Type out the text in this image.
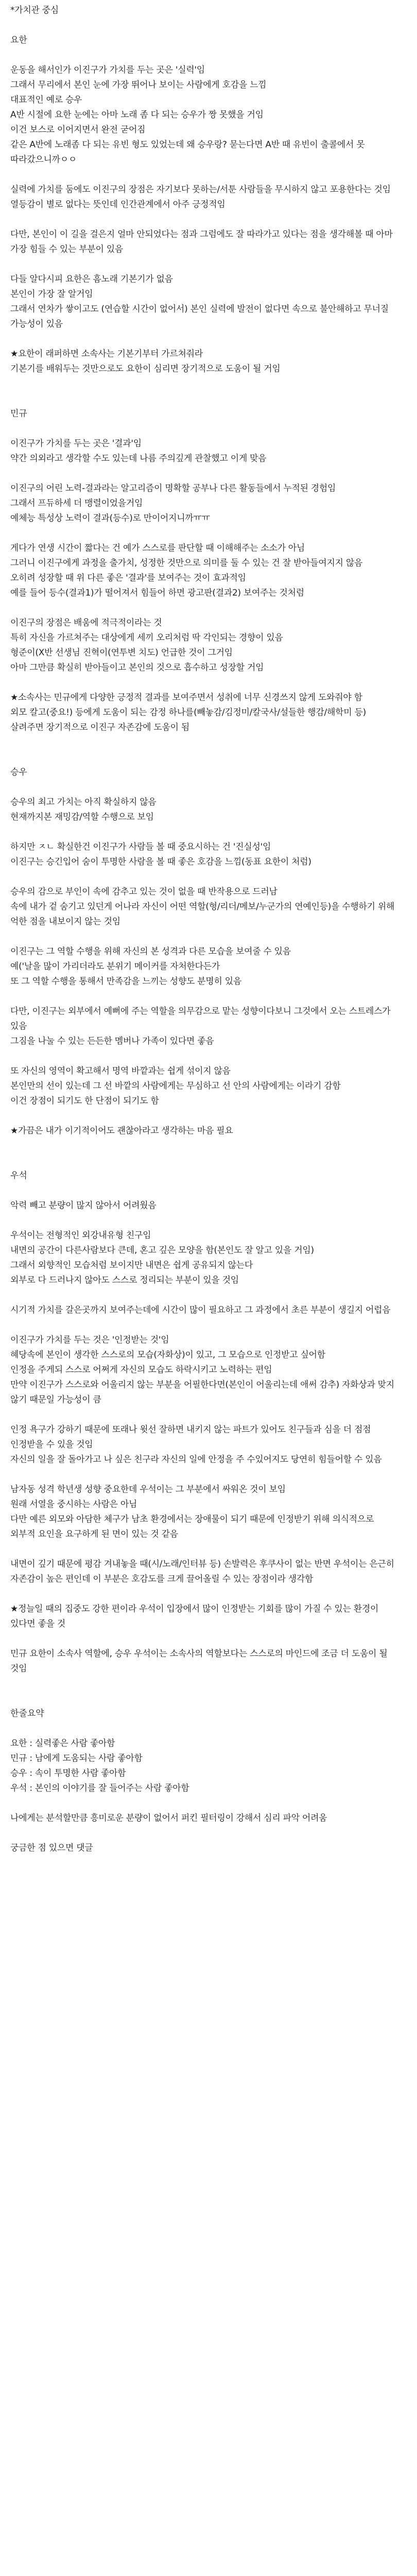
*가치관 중심
요한
운동을 해서인가 이진구가 가치를 두는 곳은 '실력'임
그래서 무리에서 본인 눈에 가장 뛰어나 보이는 사람에게 호감을 느낌
대표적인 예로 승우
A반 시절에 요한 눈에는 아마 노래 좀 다 되는 승우가 짱 못했을 거임
이건 보스로 이어지면서 완전 굳어짐
같은 A반에 노래좀 다 되는 유빈 형도 있었는데 왜 승우랑? 묻는다면 A반 때 유빈이 출콜에서 못 따라갔으니까ㅇㅇ
실력에 가치를 둠에도 이진구의 장점은 자기보다 못하는/서툰 사람들을 무시하지 않고 포용한다는 것임
열등감이 별로 없다는 뜻인데 인간관계에서 아주 긍정적임
다만, 본인이 이 길을 걸은지 얼마 안되었다는 점과 그럼에도 잘 따라가고 있다는 점을 생각해볼 때 아마 가장 힘들 수 있는 부분이 있음
다들 알다시피 요한은 흠노래 기본기가 없음
본인이 가장 잘 알거임
그래서 연차가 쌓이고도 (연습할 시간이 없어서) 본인 실력에 발전이 없다면 속으로 불안해하고 무너질 가능성이 있음
★요한이 래퍼하면 소속사는 기본기부터 가르쳐줘라
기본기를 배워두는 것만으로도 요한이 심리면 장기적으로 도움이 될 거임
민규
이진구가 가치를 두는 곳은 '결과'임
약간 의외라고 생각할 수도 있는데 나름 주의깊게 관찰했고 이게 맞음
이진구의 어린 노력-결과라는 알고리즘이 명확할 공부나 다른 활동들에서 누적된 경험임
그래서 프듀하세 더 맹렬이었을거임
예체능 특성상 노력이 결과(등수)로 만이어지니까ㅠㅠ
게다가 연생 시간이 짧다는 건 예가 스스로를 판단할 때 이해해주는 소소가 아님
그러니 이진구에게 과정을 출가치, 성정한 것만으로 의미를 둘 수 있는 건 잘 받아들여지지 않음
오히려 성장할 때 위 다른 좋은 '결과'를 보여주는 것이 효과적임
예를 들어 등수(결과1)가 떨어져서 힘들어 하면 광고판(결과2) 보여주는 것처럼
이진구의 장점은 배움에 적극적이라는 것
특히 자신을 가르쳐주는 대상에게 세끼 오리처럼 딱 각인되는 경향이 있음
형준이(X반 선생님 진혁이(연투변 치도) 언급한 것이 그거임
아마 그만큼 확실히 받아들이고 본인의 것으로 흡수하고 성장할 거임
★소속사는 민규에게 다양한 긍정적 결과를 보여주면서 성취에 너무 신경쓰지 않게 도와줘야 함
외모 칼고(중요!) 등에게 도움이 되는 감정 하나를(빼놓감/김정미/칼국사/설들한 행감/해학미 등) 살려주면 장기적으로 이진구 자존감에 도움이 됨
승우
승우의 최고 가치는 아직 확실하지 않음
현재까지본 재밍감/역할 수행으로 보임
하지만 ㅈㄴ 확실한건 이진구가 사람들 볼 때 중요시하는 건 '진실성'임
이진구는 승긴입어 숨이 투명한 사람을 볼 때 좋은 호감을 느낌(동표 요한이 처럼)
승우의 감으로 부인이 속에 감추고 있는 것이 없을 때 반작용으로 드러남
속에 내가 겉 숨기고 있던게 어나라 자신이 어떤 역할(형/리더/메보/누군가의 연예인등)을 수행하기 위해 억한 점을 내보이지 않는 것임
이진구는 그 역할 수행을 위해 자신의 본 성격과 다른 모습을 보여줄 수 있음
예('날을 많이 가리더라도 분위기 메이커를 자처한다든가
또 그 역할 수행을 통해서 만족감을 느끼는 성향도 분명히 있음
다만, 이진구는 외부에서 예뻐에 주는 역할을 의무감으로 맡는 성향이다보니 그것에서 오는 스트레스가 있음
그짐을 나눌 수 있는 든든한 멤버나 가족이 있다면 좋음
또 자신의 영역이 확고해서 명역 바깥과는 쉽게 섞이지 않음
본인만의 선이 있는데 그 선 바깥의 사람에게는 무심하고 선 안의 사람에게는 이라기 감함
이건 장점이 되기도 한 단점이 되기도 함
★가끔은 내가 이기적이어도 괜찮아라고 생각하는 마음 필요
우석
악력 빼고 분량이 많지 않아서 어려웠음
우석이는 전형적인 외강내유형 친구임
내면의 공간이 다른사람보다 큰데, 혼고 깊은 모양을 함(본인도 잘 알고 있을 거임)
그래서 외향적인 모습처럼 보이지만 내면은 쉽게 공유되지 않는다
외부로 다 드러나지 않아도 스스로 정리되는 부분이 있을 것임
시기적 가치를 갈은곳까지 보여주는데에 시간이 많이 필요하고 그 과정에서 초른 부분이 생길지 어럽음
이진구가 가치를 두는 것은 '인정받는 것'임
혜당속에 본인이 생각한 스스로의 모습(자화상)이 있고, 그 모습으로 인정받고 싶어함
인정을 주게되 스스로 어쩌게 자신의 모습도 하락시키고 노력하는 편임
만약 이진구가 스스로와 어울리지 않는 부분을 어필한다면(본인이 어울리는데 애써 감추) 자화상과 맞지 않기 때문일 가능성이 큼
인정 욕구가 강하기 때문에 또래나 윗선 잘하면 내키지 않는 파트가 있어도 친구들과 심을 더 점점 인정받을 수 있을 것임
자신의 일을 잘 돌아가고 나 싶은 친구라 자신의 일에 안정을 주 수있어지도 당연히 힘들어할 수 있음
남자동 성격 학년생 성향 중요한데 우석이는 그 부분에서 싸워온 것이 보임
원래 서열을 중시하는 사람은 아님
다만 예른 외모와 아담한 체구가 남초 환경에서는 장애물이 되기 때문에 인정받기 위해 의식적으로 외부적 요인을 요구하게 된 면이 있는 것 같음
내면이 깊기 때문에 평감 겨내놓을 때(시/노래/인터뷰 등) 손발력은 후쿠사이 없는 반면 우석이는 은근히 자존감이 높은 편인데 이 부분은 호감도를 크게 끌어올릴 수 있는 장점이라 생각함
★정늘일 때의 집중도 강한 편이라 우석이 입장에서 많이 인정받는 기회를 많이 가질 수 있는 환경이 있다면 좋을 것
민규 요한이 소속사 역할에, 승우 우석이는 소속사의 역할보다는 스스로의 마인드에 조금 더 도움이 될 것임
한줄요약
요한 : 실력좋은 사람 좋아함
민규 : 남에게 도움되는 사람 좋아함
승우 : 속이 투명한 사람 좋아함
우석 : 본인의 이야기를 잘 들어주는 사람 좋아함
나에게는 분석할만큼 흥미로운 분량이 없어서 퍼킨 필터링이 강해서 심리 파악 어려움
궁금한 점 있으면 댓글
